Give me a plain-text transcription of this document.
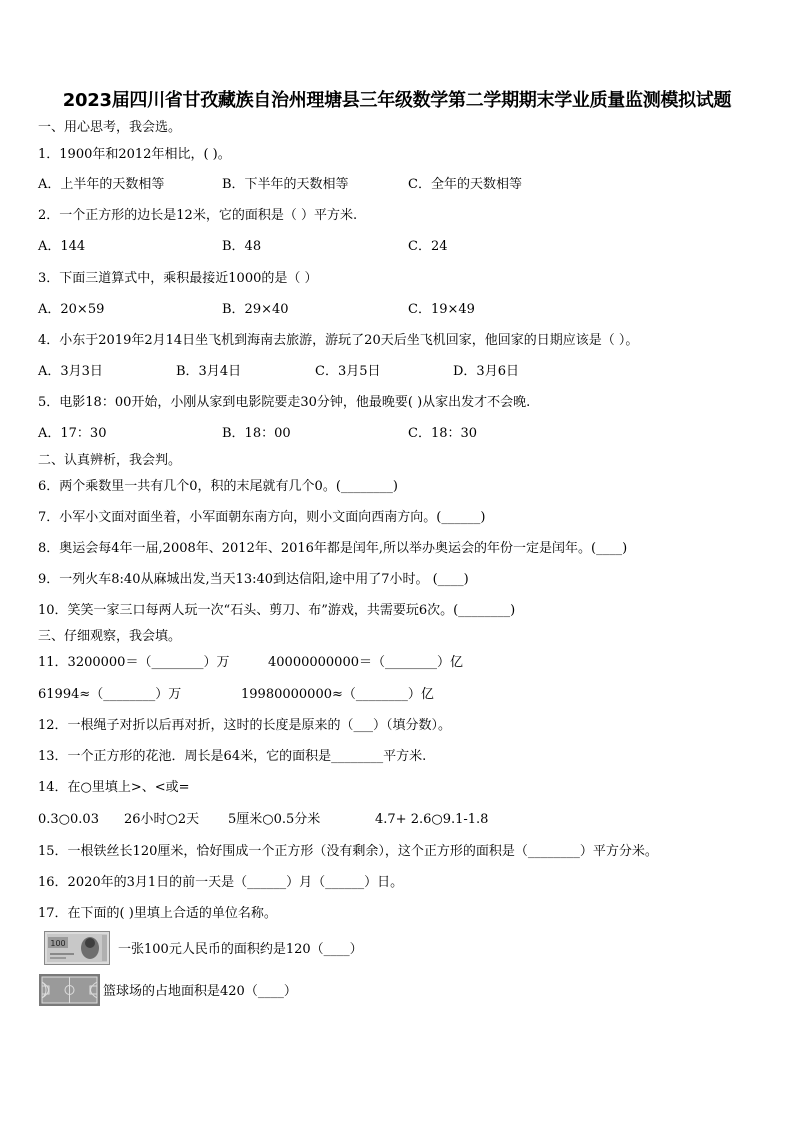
2023届四川省甘孜藏族自治州理塘县三年级数学第二学期期末学业质量监测模拟试题
一、用心思考，我会选。
1．1900年和2012年相比，( )。
A．上半年的天数相等	B．下半年的天数相等	C．全年的天数相等
2．一个正方形的边长是12米，它的面积是（ ）平方米.
A．144	B．48	C．24
3．下面三道算式中，乘积最接近1000的是（ ）
A．20×59	B．29×40	C．19×49
4．小东于2019年2月14日坐飞机到海南去旅游，游玩了20天后坐飞机回家，他回家的日期应该是（ ）。
A．3月3日	B．3月4日	C．3月5日	D．3月6日
5．电影18：00开始，小刚从家到电影院要走30分钟，他最晚要( )从家出发才不会晚.
A．17：30	B．18：00	C．18：30
二、认真辨析，我会判。
6．两个乘数里一共有几个0，积的末尾就有几个0。(________)
7．小军小文面对面坐着，小军面朝东南方向，则小文面向西南方向。(______)
8．奥运会每4年一届,2008年、2012年、2016年都是闰年,所以举办奥运会的年份一定是闰年。(____)
9．一列火车8:40从麻城出发,当天13:40到达信阳,途中用了7小时。 (____)
10．笑笑一家三口每两人玩一次“石头、剪刀、布”游戏，共需要玩6次。(________)
三、仔细观察，我会填。
11．3200000＝（________）万	40000000000＝（________）亿
61994≈（________）万	19980000000≈（________）亿
12．一根绳子对折以后再对折，这时的长度是原来的（___）（填分数）。
13．一个正方形的花池．周长是64米，它的面积是________平方米.
14．在○里填上>、<或=
0.3○0.03 26小时○2天 5厘米○0.5分米	4.7+ 2.6○9.1-1.8
15．一根铁丝长120厘米，恰好围成一个正方形（没有剩余），这个正方形的面积是（________）平方分米。
16．2020年的3月1日的前一天是（______）月（______）日。
17．在下面的( )里填上合适的单位名称。
100	一张100元人民币的面积约是120（____）
篮球场的占地面积是420（____）
